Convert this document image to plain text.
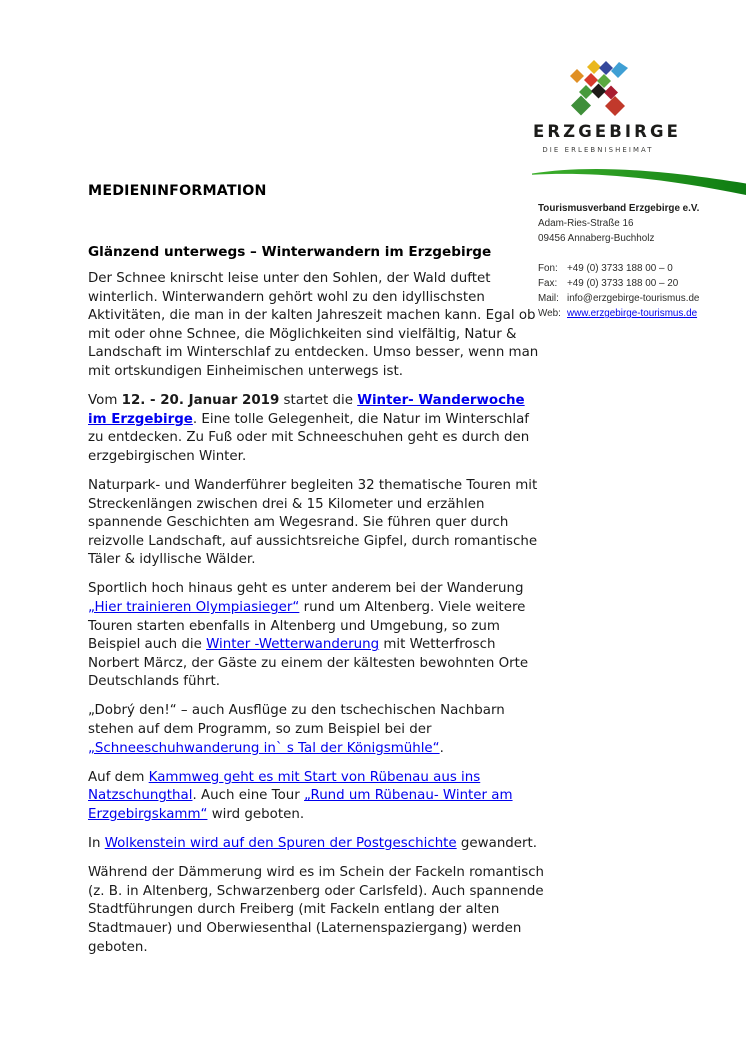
ERZGEBIRGE
DIE ERLEBNISHEIMAT
MEDIENINFORMATION
Glänzend unterwegs – Winterwandern im Erzgebirge

Der Schnee knirscht leise unter den Sohlen, der Wald duftet winterlich. Winterwandern gehört wohl zu den idyllischsten Aktivitäten, die man in der kalten Jahreszeit machen kann. Egal ob mit oder ohne Schnee, die Möglichkeiten sind vielfältig, Natur & Landschaft im Winterschlaf zu entdecken. Umso besser, wenn man mit ortskundigen Einheimischen unterwegs ist.

Vom 12. - 20. Januar 2019 startet die Winter- Wanderwoche im Erzgebirge. Eine tolle Gelegenheit, die Natur im Winterschlaf zu entdecken. Zu Fuß oder mit Schneeschuhen geht es durch den erzgebirgischen Winter.

Naturpark- und Wanderführer begleiten 32 thematische Touren mit Streckenlängen zwischen drei & 15 Kilometer und erzählen spannende Geschichten am Wegesrand. Sie führen quer durch reizvolle Landschaft, auf aussichtsreiche Gipfel, durch romantische Täler & idyllische Wälder.

Sportlich hoch hinaus geht es unter anderem bei der Wanderung „Hier trainieren Olympiasieger“ rund um Altenberg. Viele weitere Touren starten ebenfalls in Altenberg und Umgebung, so zum Beispiel auch die Winter -Wetterwanderung mit Wetterfrosch Norbert Märcz, der Gäste zu einem der kältesten bewohnten Orte Deutschlands führt.

„Dobrý den!“ – auch Ausflüge zu den tschechischen Nachbarn stehen auf dem Programm, so zum Beispiel bei der „Schneeschuhwanderung in` s Tal der Königsmühle“.

Auf dem Kammweg geht es mit Start von Rübenau aus ins Natzschungthal. Auch eine Tour „Rund um Rübenau- Winter am Erzgebirgskamm“ wird geboten.

In Wolkenstein wird auf den Spuren der Postgeschichte gewandert.

Während der Dämmerung wird es im Schein der Fackeln romantisch (z. B. in Altenberg, Schwarzenberg oder Carlsfeld). Auch spannende Stadtführungen durch Freiberg (mit Fackeln entlang der alten Stadtmauer) und Oberwiesenthal (Laternenspaziergang) werden geboten.

Tourismusverband Erzgebirge e.V.
Adam-Ries-Straße 16
09456 Annaberg-Buchholz
Fon: +49 (0) 3733 188 00 – 0
Fax: +49 (0) 3733 188 00 – 20
Mail: info@erzgebirge-tourismus.de
Web: www.erzgebirge-tourismus.de
